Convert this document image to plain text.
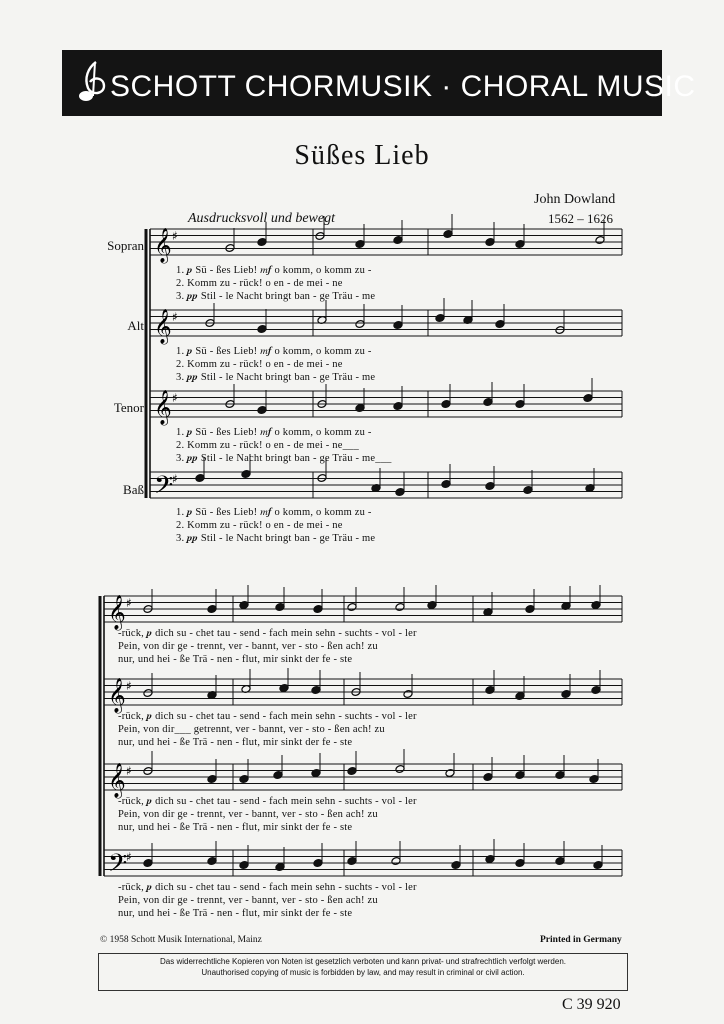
SCHOTT CHORMUSIK · CHORAL MUSIC
Süßes Lieb
John Dowland
1562 – 1626
Ausdrucksvoll und bewegt
Sopran
Alt
Tenor
Baß
𝄞 ♯
𝄞 ♯
𝄞 ♯
𝄢
♯
𝄞 ♯
𝄞 ♯
𝄞 ♯
𝄢
♯
1. 𝆏 Sü - ßes Lieb! 𝆐𝆑 o komm, o komm zu -
2. Komm zu - rück! o en - de mei - ne
3. 𝆏𝆏 Stil - le Nacht bringt ban - ge Träu - me
1. 𝆏 Sü - ßes Lieb! 𝆐𝆑 o komm, o komm zu -
2. Komm zu - rück! o en - de mei - ne
3. 𝆏𝆏 Stil - le Nacht bringt ban - ge Träu - me
1. 𝆏 Sü - ßes Lieb! 𝆐𝆑 o komm, o komm zu -
2. Komm zu - rück! o en - de mei - ne___
3. 𝆏𝆏 Stil - le Nacht bringt ban - ge Träu - me___
1. 𝆏 Sü - ßes Lieb! 𝆐𝆑 o komm, o komm zu -
2. Komm zu - rück! o en - de mei - ne
3. 𝆏𝆏 Stil - le Nacht bringt ban - ge Träu - me
-rück, 𝆏 dich su - chet tau - send - fach mein sehn - suchts - vol - ler
Pein, von dir ge - trennt, ver - bannt, ver - sto - ßen ach! zu
nur, und hei - ße Trä - nen - flut, mir sinkt der fe - ste
-rück, 𝆏 dich su - chet tau - send - fach mein sehn - suchts - vol - ler
Pein, von dir___ getrennt, ver - bannt, ver - sto - ßen ach! zu
nur, und hei - ße Trä - nen - flut, mir sinkt der fe - ste
-rück, 𝆏 dich su - chet tau - send - fach mein sehn - suchts - vol - ler
Pein, von dir ge - trennt, ver - bannt, ver - sto - ßen ach! zu
nur, und hei - ße Trä - nen - flut, mir sinkt der fe - ste
-rück, 𝆏 dich su - chet tau - send - fach mein sehn - suchts - vol - ler
Pein, von dir ge - trennt, ver - bannt, ver - sto - ßen ach! zu
nur, und hei - ße Trä - nen - flut, mir sinkt der fe - ste
© 1958 Schott Musik International, Mainz	Printed in Germany
Das widerrechtliche Kopieren von Noten ist gesetzlich verboten und kann privat- und strafrechtlich verfolgt werden.
Unauthorised copying of music is forbidden by law, and may result in criminal or civil action.
C 39 920
